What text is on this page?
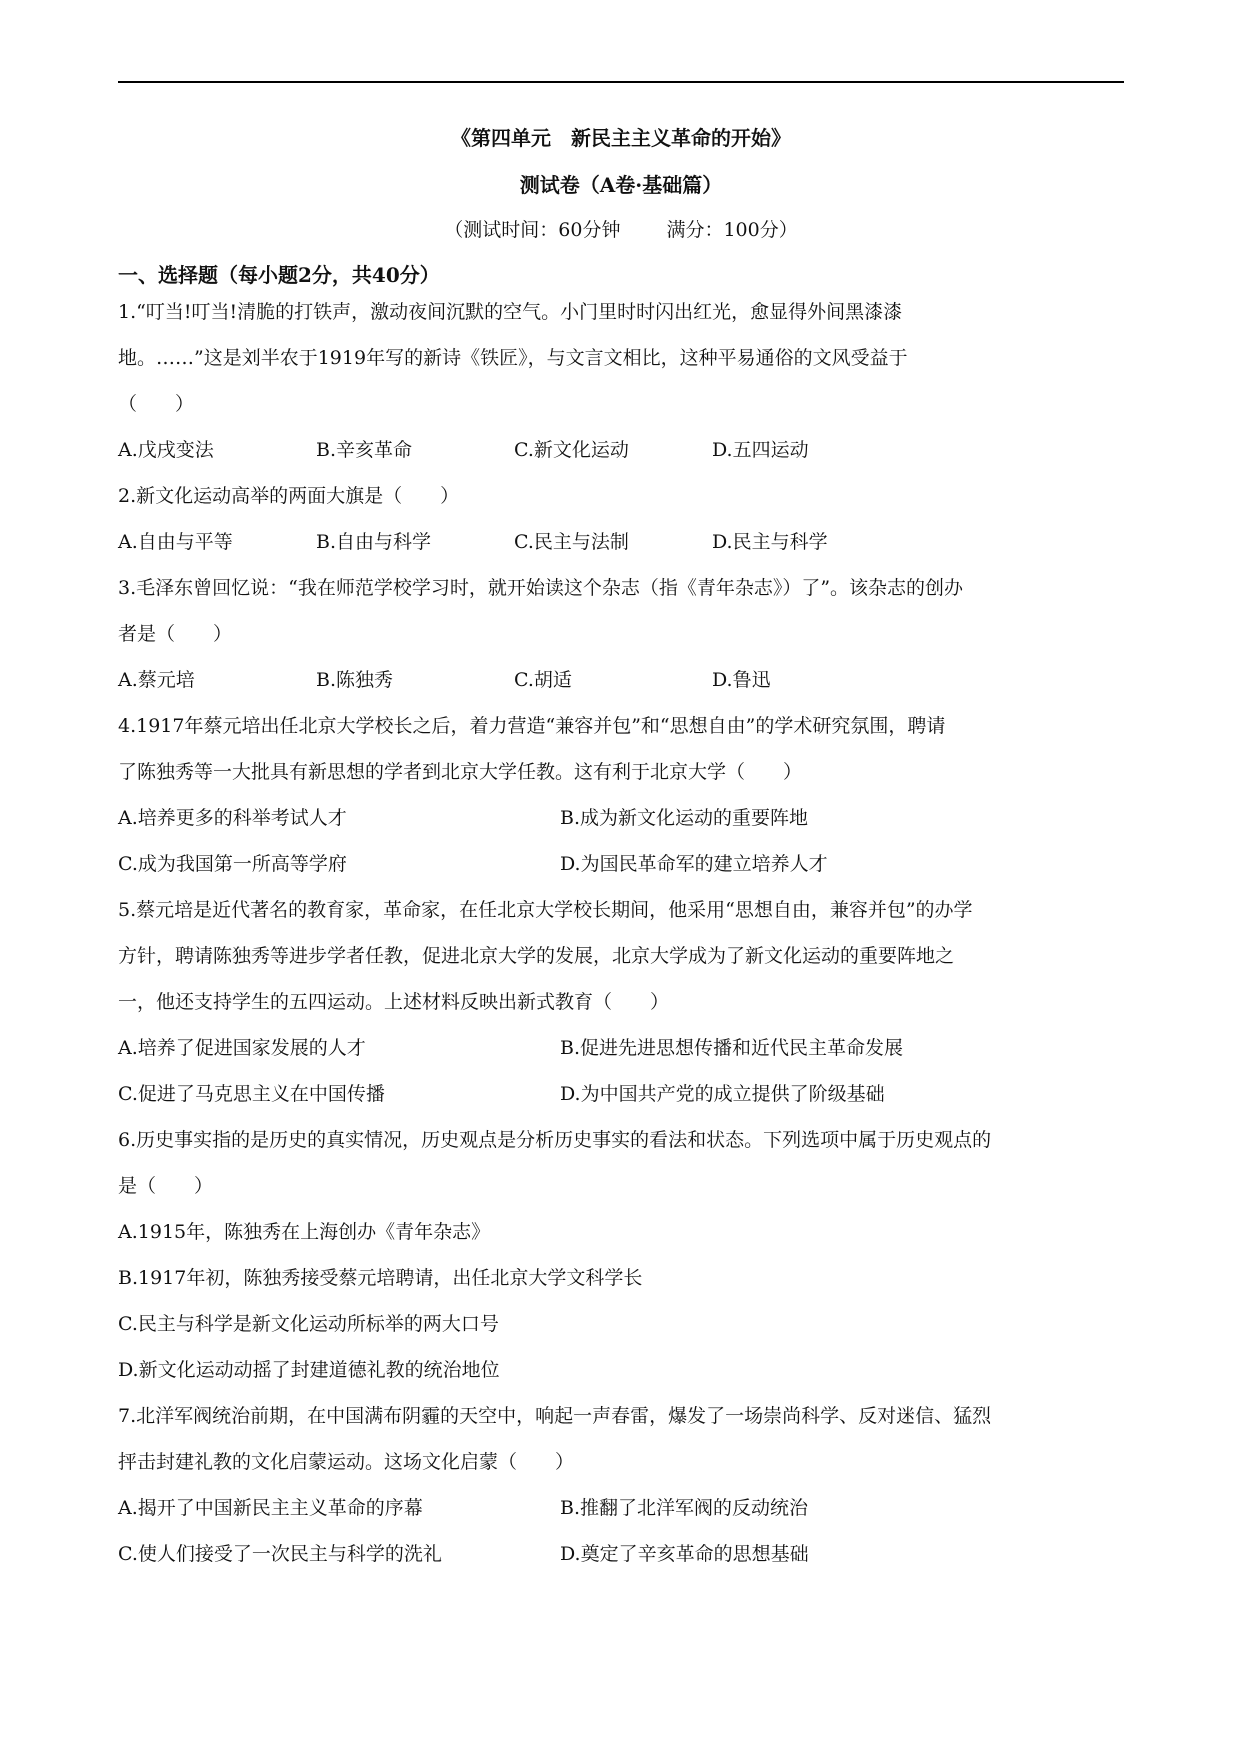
《第四单元　新民主主义革命的开始》
测试卷（A卷·基础篇）
（测试时间：60分钟 满分：100分）
一、选择题（每小题2分，共40分）

1.“叮当!叮当!清脆的打铁声，激动夜间沉默的空气。小门里时时闪出红光，愈显得外间黑漆漆

地。……”这是刘半农于1919年写的新诗《铁匠》，与文言文相比，这种平易通俗的文风受益于

（　　）

A.戊戌变法	B.辛亥革命	C.新文化运动	D.五四运动

2.新文化运动高举的两面大旗是（　　）

A.自由与平等	B.自由与科学	C.民主与法制	D.民主与科学

3.毛泽东曾回忆说：“我在师范学校学习时，就开始读这个杂志（指《青年杂志》）了”。该杂志的创办

者是（　　）

A.蔡元培	B.陈独秀	C.胡适	D.鲁迅

4.1917年蔡元培出任北京大学校长之后，着力营造“兼容并包”和“思想自由”的学术研究氛围，聘请

了陈独秀等一大批具有新思想的学者到北京大学任教。这有利于北京大学（　　）

A.培养更多的科举考试人才	B.成为新文化运动的重要阵地
C.成为我国第一所高等学府	D.为国民革命军的建立培养人才

5.蔡元培是近代著名的教育家，革命家，在任北京大学校长期间，他采用“思想自由，兼容并包”的办学

方针，聘请陈独秀等进步学者任教，促进北京大学的发展，北京大学成为了新文化运动的重要阵地之

一，他还支持学生的五四运动。上述材料反映出新式教育（　　）

A.培养了促进国家发展的人才	B.促进先进思想传播和近代民主革命发展
C.促进了马克思主义在中国传播	D.为中国共产党的成立提供了阶级基础

6.历史事实指的是历史的真实情况，历史观点是分析历史事实的看法和状态。下列选项中属于历史观点的

是（　　）

A.1915年，陈独秀在上海创办《青年杂志》

B.1917年初，陈独秀接受蔡元培聘请，出任北京大学文科学长

C.民主与科学是新文化运动所标举的两大口号

D.新文化运动动摇了封建道德礼教的统治地位

7.北洋军阀统治前期，在中国满布阴霾的天空中，响起一声春雷，爆发了一场崇尚科学、反对迷信、猛烈

抨击封建礼教的文化启蒙运动。这场文化启蒙（　　）

A.揭开了中国新民主主义革命的序幕	B.推翻了北洋军阀的反动统治
C.使人们接受了一次民主与科学的洗礼	D.奠定了辛亥革命的思想基础
